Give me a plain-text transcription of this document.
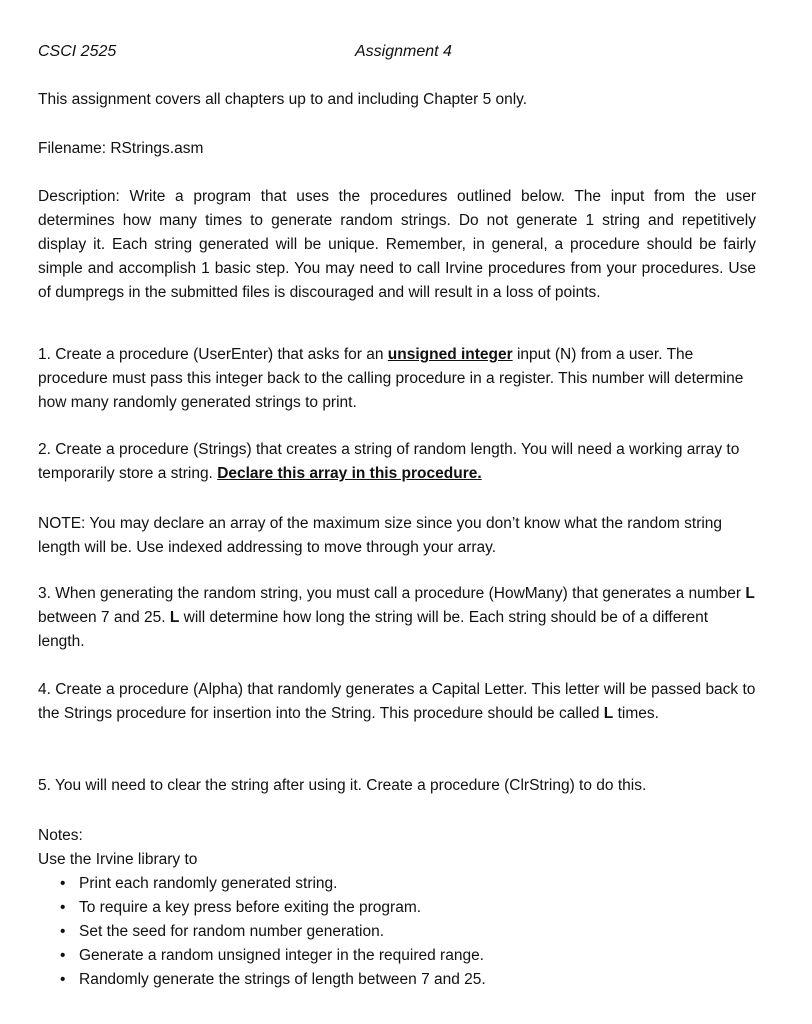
CSCI 2525	Assignment 4

This assignment covers all chapters up to and including Chapter 5 only.

Filename: RStrings.asm

Description: Write a program that uses the procedures outlined below. The input from the user determines how many times to generate random strings. Do not generate 1 string and repetitively display it. Each string generated will be unique. Remember, in general, a procedure should be fairly simple and accomplish 1 basic step. You may need to call Irvine procedures from your procedures. Use of dumpregs in the submitted files is discouraged and will result in a loss of points.

1. Create a procedure (UserEnter) that asks for an unsigned integer input (N) from a user. The procedure must pass this integer back to the calling procedure in a register. This number will determine how many randomly generated strings to print.

2. Create a procedure (Strings) that creates a string of random length. You will need a working array to temporarily store a string. Declare this array in this procedure.

NOTE: You may declare an array of the maximum size since you don’t know what the random string length will be. Use indexed addressing to move through your array.

3. When generating the random string, you must call a procedure (HowMany) that generates a number L between 7 and 25. L will determine how long the string will be. Each string should be of a different length.

4. Create a procedure (Alpha) that randomly generates a Capital Letter. This letter will be passed back to the Strings procedure for insertion into the String. This procedure should be called L times.

5. You will need to clear the string after using it. Create a procedure (ClrString) to do this.

Notes:

Use the Irvine library to

• Print each randomly generated string.
• To require a key press before exiting the program.
• Set the seed for random number generation.
• Generate a random unsigned integer in the required range.
• Randomly generate the strings of length between 7 and 25.
